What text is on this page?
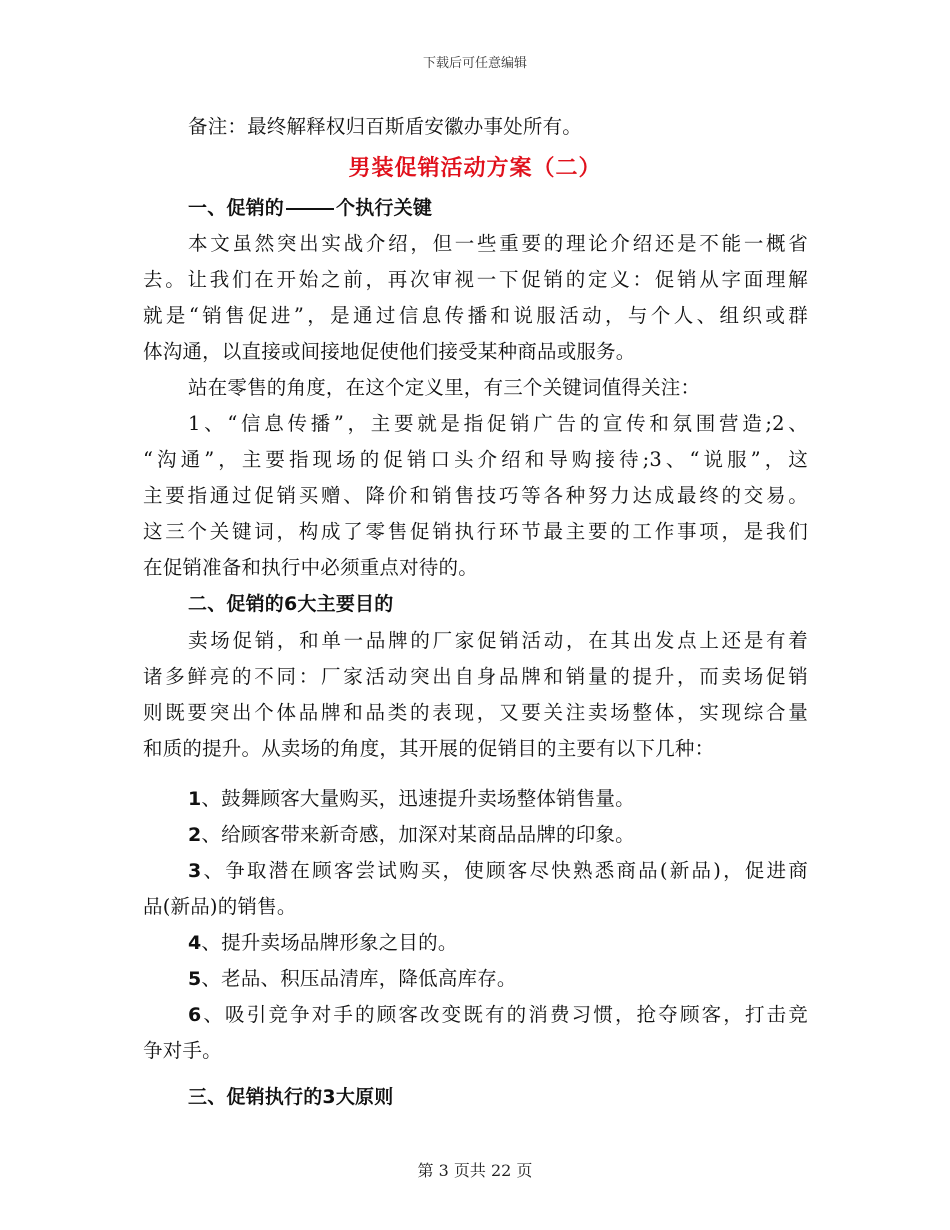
下载后可任意编辑
备注：最终解释权归百斯盾安徽办事处所有。
一、促销的	个执行关键
本文虽然突出实战介绍，但一些重要的理论介绍还是不能一概省
去。让我们在开始之前，再次审视一下促销的定义：促销从字面理解
就是“销售促进”，是通过信息传播和说服活动，与个人、组织或群
体沟通，以直接或间接地促使他们接受某种商品或服务。
站在零售的角度，在这个定义里，有三个关键词值得关注：
1、“信息传播”，主要就是指促销广告的宣传和氛围营造;2、
“沟通”，主要指现场的促销口头介绍和导购接待;3、“说服”，这
主要指通过促销买赠、降价和销售技巧等各种努力达成最终的交易。
这三个关键词，构成了零售促销执行环节最主要的工作事项，是我们
在促销准备和执行中必须重点对待的。
二、促销的6大主要目的
卖场促销，和单一品牌的厂家促销活动，在其出发点上还是有着
诸多鲜亮的不同：厂家活动突出自身品牌和销量的提升，而卖场促销
则既要突出个体品牌和品类的表现，又要关注卖场整体，实现综合量
和质的提升。从卖场的角度，其开展的促销目的主要有以下几种：
1、鼓舞顾客大量购买，迅速提升卖场整体销售量。
2、给顾客带来新奇感，加深对某商品品牌的印象。
3、争取潜在顾客尝试购买，使顾客尽快熟悉商品(新品)，促进商
品(新品)的销售。
4、提升卖场品牌形象之目的。
5、老品、积压品清库，降低高库存。
6、吸引竞争对手的顾客改变既有的消费习惯，抢夺顾客，打击竞
争对手。
三、促销执行的3大原则
男装促销活动方案（二）
第 3 页共 22 页
